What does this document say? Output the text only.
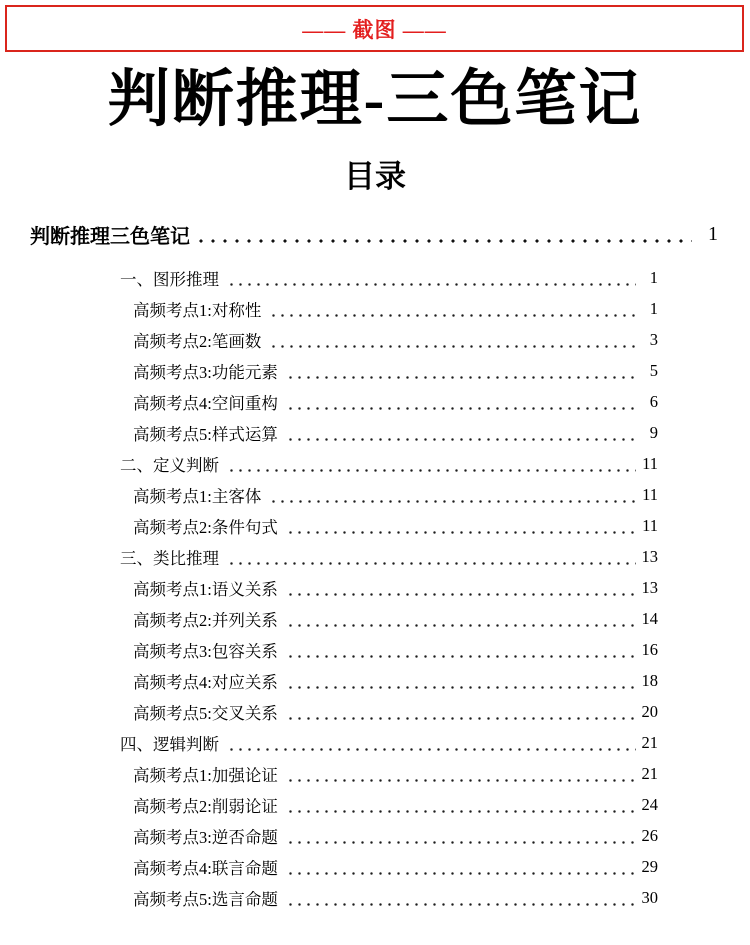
—— 截图 ——
判断推理-三色笔记
目录
判断推理三色笔记	1
一、图形推理	1
高频考点1:对称性	1
高频考点2:笔画数	3
高频考点3:功能元素	5
高频考点4:空间重构	6
高频考点5:样式运算	9
二、定义判断	11
高频考点1:主客体	11
高频考点2:条件句式	11
三、类比推理	13
高频考点1:语义关系	13
高频考点2:并列关系	14
高频考点3:包容关系	16
高频考点4:对应关系	18
高频考点5:交叉关系	20
四、逻辑判断	21
高频考点1:加强论证	21
高频考点2:削弱论证	24
高频考点3:逆否命题	26
高频考点4:联言命题	29
高频考点5:选言命题	30
